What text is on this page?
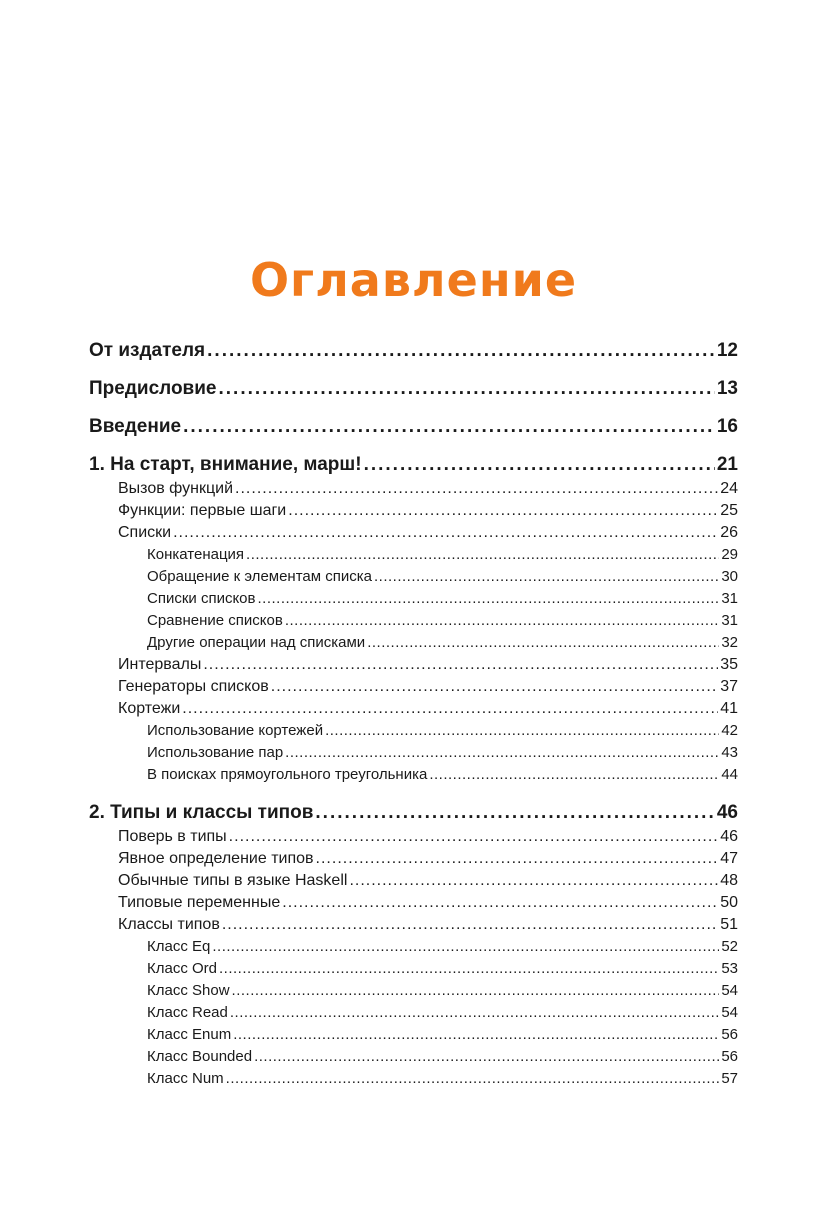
Оглавление
От издателя .....	12
Предисловие .....	13
Введение .....	16
1. На старт, внимание, марш! .....	21
Вызов функций .....	24
Функции: первые шаги .....	25
Списки .....	26
Конкатенация .....	29
Обращение к элементам списка .....	30
Списки списков .....	31
Сравнение списков .....	31
Другие операции над списками .....	32
Интервалы .....	35
Генераторы списков .....	37
Кортежи .....	41
Использование кортежей .....	42
Использование пар .....	43
В поисках прямоугольного треугольника .....	44
2. Типы и классы типов .....	46
Поверь в типы .....	46
Явное определение типов .....	47
Обычные типы в языке Haskell .....	48
Типовые переменные .....	50
Классы типов .....	51
Класс Eq .....	52
Класс Ord .....	53
Класс Show .....	54
Класс Read .....	54
Класс Enum .....	56
Класс Bounded .....	56
Класс Num .....	57
